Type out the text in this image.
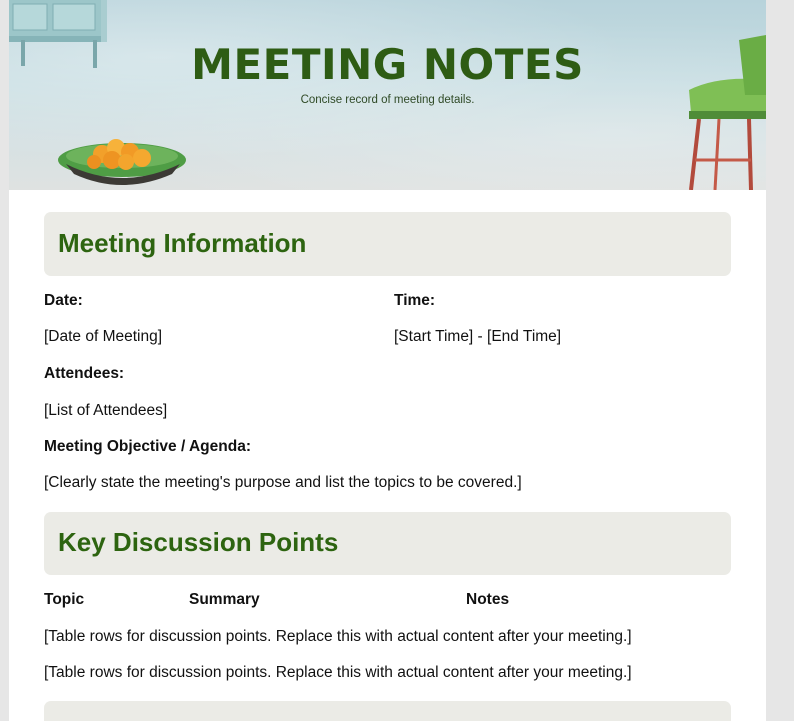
MEETING NOTES
Concise record of meeting details.
Meeting Information
Date:	Time:
[Date of Meeting]	[Start Time] - [End Time]
Attendees:
[List of Attendees]
Meeting Objective / Agenda:
[Clearly state the meeting's purpose and list the topics to be covered.]
Key Discussion Points
Topic	Summary	Notes
[Table rows for discussion points. Replace this with actual content after your meeting.]
[Table rows for discussion points. Replace this with actual content after your meeting.]
